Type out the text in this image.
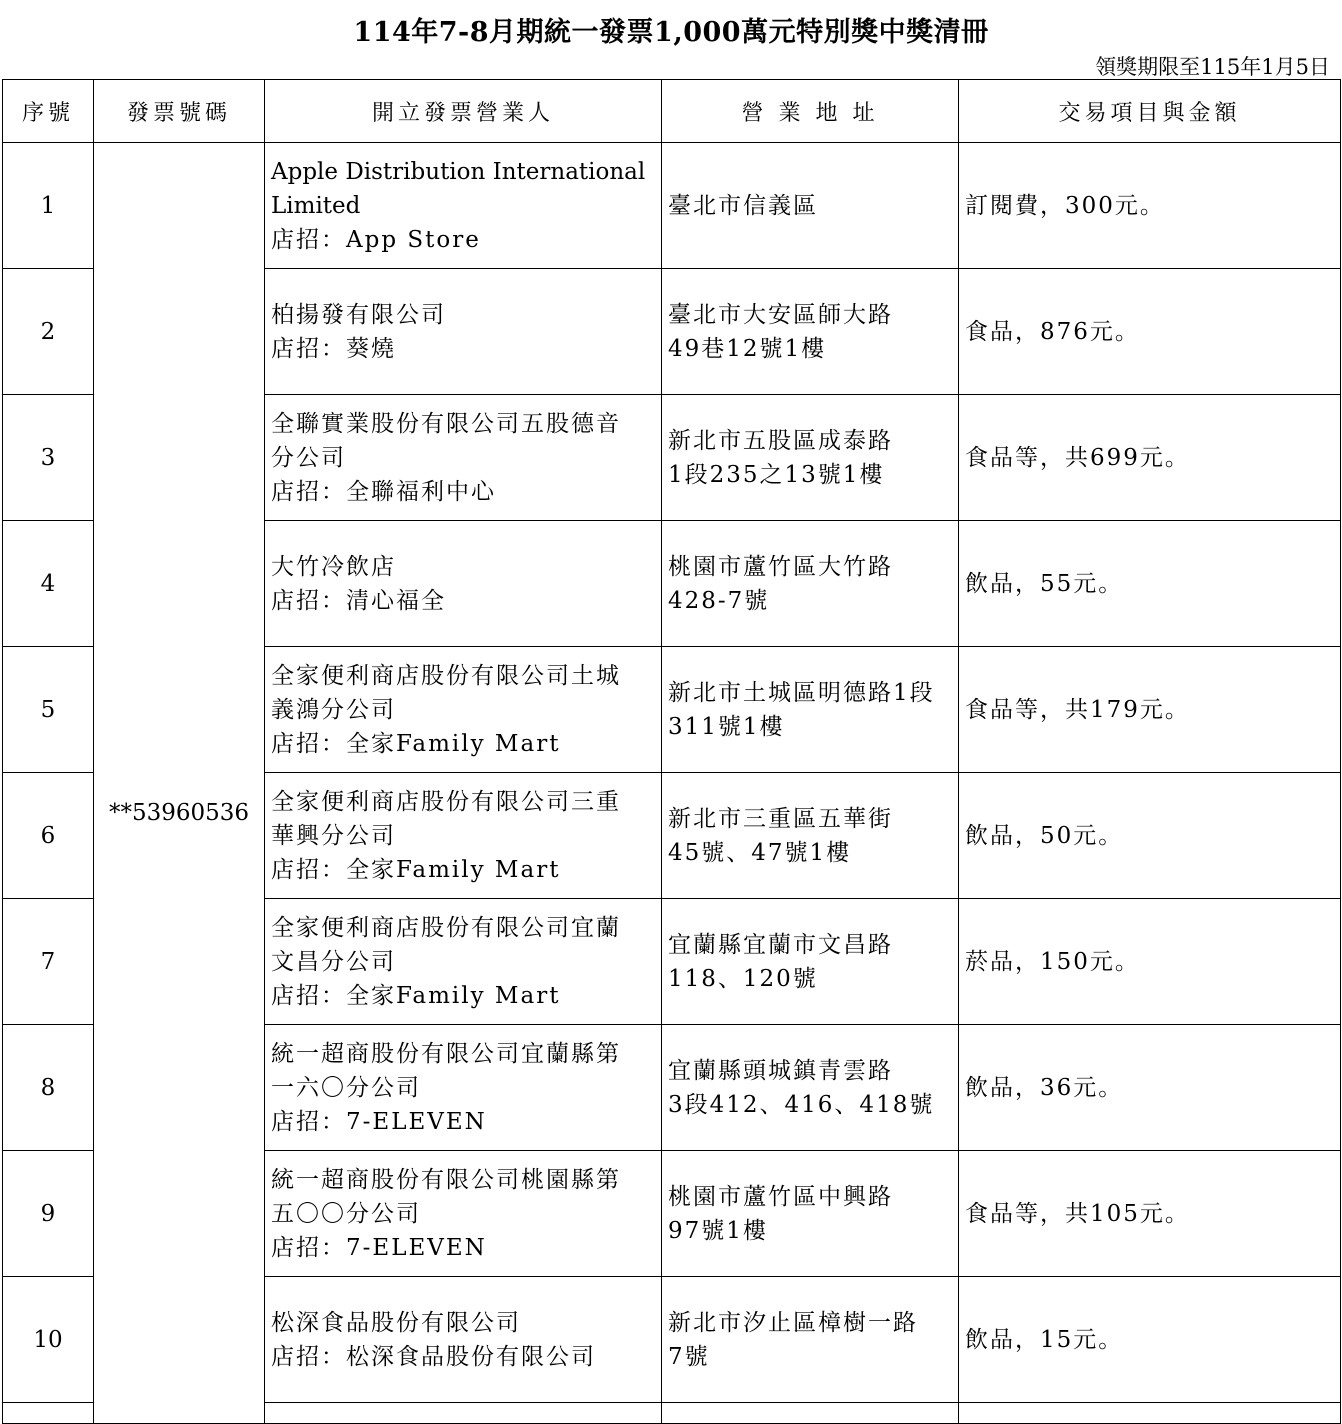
114年7-8月期統一發票1,000萬元特別獎中獎清冊
領獎期限至115年1月5日
序號	發票號碼	開立發票營業人	營 業 地 址	交易項目與金額
1	**53960536	Apple Distribution International
Limited
店招：App Store	臺北市信義區	訂閱費，300元。
2		柏揚發有限公司
店招：葵燒	臺北市大安區師大路
49巷12號1樓	食品，876元。
3		全聯實業股份有限公司五股德音
分公司
店招：全聯福利中心	新北市五股區成泰路
1段235之13號1樓	食品等，共699元。
4		大竹冷飲店
店招：清心福全	桃園市蘆竹區大竹路
428-7號	飲品，55元。
5		全家便利商店股份有限公司土城
義鴻分公司
店招：全家Family Mart	新北市土城區明德路1段
311號1樓	食品等，共179元。
6		全家便利商店股份有限公司三重
華興分公司
店招：全家Family Mart	新北市三重區五華街
45號、47號1樓	飲品，50元。
7		全家便利商店股份有限公司宜蘭
文昌分公司
店招：全家Family Mart	宜蘭縣宜蘭市文昌路
118、120號	菸品，150元。
8		統一超商股份有限公司宜蘭縣第
一六〇分公司
店招：7-ELEVEN	宜蘭縣頭城鎮青雲路
3段412、416、418號	飲品，36元。
9		統一超商股份有限公司桃園縣第
五〇〇分公司
店招：7-ELEVEN	桃園市蘆竹區中興路
97號1樓	食品等，共105元。
10		松深食品股份有限公司
店招：松深食品股份有限公司	新北市汐止區樟樹一路
7號	飲品，15元。
